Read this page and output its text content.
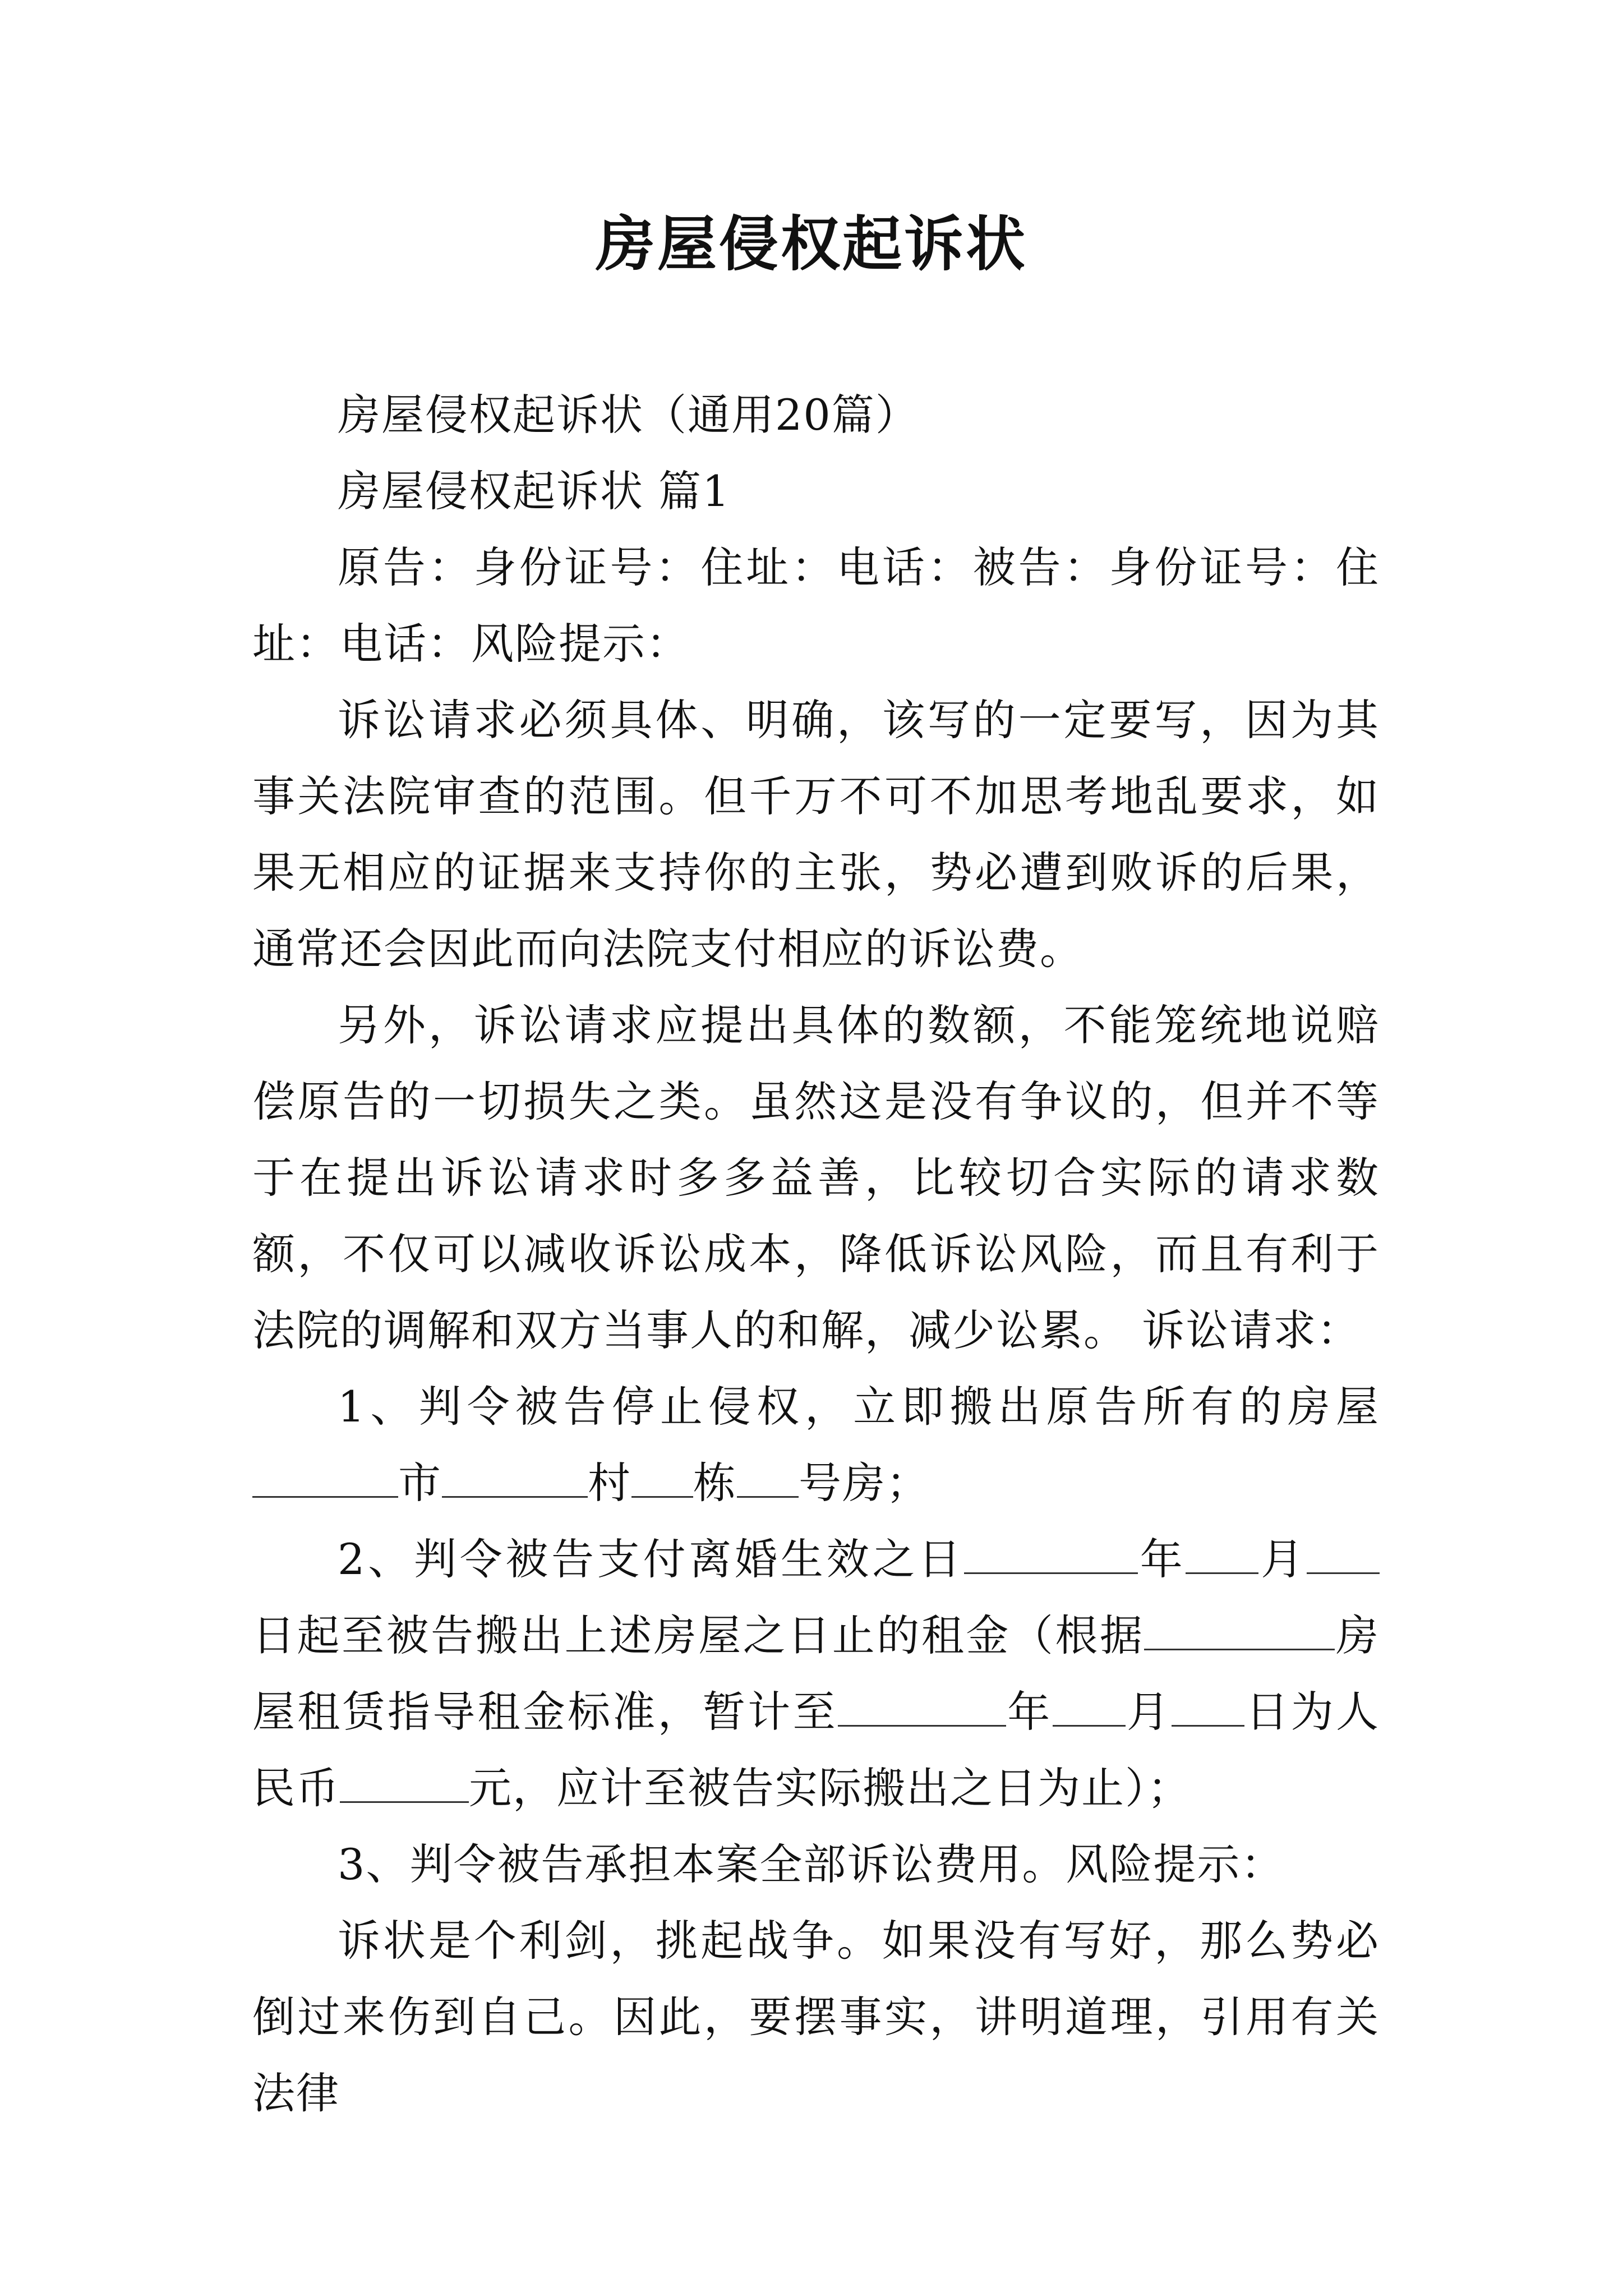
房屋侵权起诉状

房屋侵权起诉状（通用20篇）

房屋侵权起诉状 篇1

原告：身份证号：住址：电话：被告：身份证号：住址：电话：风险提示：

诉讼请求必须具体、明确，该写的一定要写，因为其事关法院审查的范围。但千万不可不加思考地乱要求，如果无相应的证据来支持你的主张，势必遭到败诉的后果，通常还会因此而向法院支付相应的诉讼费。

另外，诉讼请求应提出具体的数额，不能笼统地说赔偿原告的一切损失之类。虽然这是没有争议的，但并不等于在提出诉讼请求时多多益善，比较切合实际的请求数额，不仅可以减收诉讼成本，降低诉讼风险，而且有利于法院的调解和双方当事人的和解，减少讼累。 诉讼请求：

1、判令被告停止侵权，立即搬出原告所有的房屋市	村 栋 号房；

2、判令被告支付离婚生效之日	年 月日起至被告搬出上述房屋之日止的租金（根据	房屋租赁指导租金标准，暂计至	年 月 日为人民币	元，应计至被告实际搬出之日为止）；

3、判令被告承担本案全部诉讼费用。风险提示：

诉状是个利剑，挑起战争。如果没有写好，那么势必倒过来伤到自己。因此，要摆事实，讲明道理，引用有关法律
